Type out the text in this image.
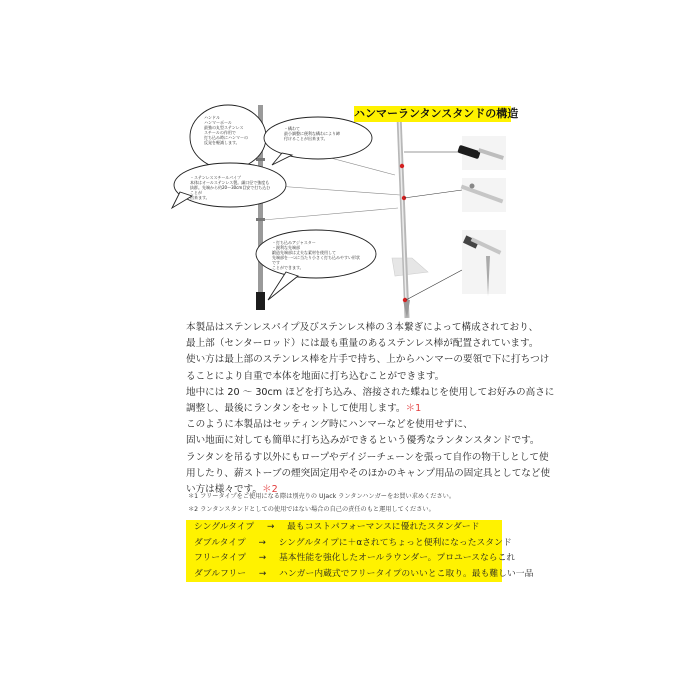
ハンマーランタンスタンドの構造
ハンドル
ハンマーポール
最強の丸型ステンレス
スチールの作用で
打ち込み時にハンマーの
反発を軽減します。
・構わて
最小調整に便利な構わにより締
付けることが出来ます。
・ステンレススチールパイプ
本体はオールステンレス製。細口径で強度も
抜群。先端から約20～30cm目安で打ち込むことが
出来ます。
・打ち込みアジャスター
・鋭利な先端部
鍛造先端部は丈夫な素材を使用して
先端部を一つに当たり小さく打ち込みやすい形状です
ことができます。

本製品はステンレスパイプ及びステンレス棒の３本繋ぎによって構成されており、

最上部（センターロッド）には最も重量のあるステンレス棒が配置されています。

使い方は最上部のステンレス棒を片手で持ち、上からハンマーの要領で下に打ちつけ

ることにより自重で本体を地面に打ち込むことができます。

地中には 20 ～ 30cm ほどを打ち込み、溶接された蝶ねじを使用してお好みの高さに

調整し、最後にランタンをセットして使用します。＊1

このように本製品はセッティング時にハンマーなどを使用せずに、

固い地面に対しても簡単に打ち込みができるという優秀なランタンスタンドです。

ランタンを吊るす以外にもロープやデイジーチェーンを張って自作の物干しとして使

用したり、薪ストーブの煙突固定用やそのほかのキャンプ用品の固定具としてなど使

い方は様々です。＊2

＊1 フリータイプをご使用になる際は別売りの UJack ランタンハンガーをお買い求めください。

＊2 ランタンスタンドとしての使用ではない場合の自己の責任のもと運用してください。

シングルタイプ → 最もコストパフォーマンスに優れたスタンダード

ダブルタイプ → シングルタイプに＋αされてちょっと便利になったスタンド

フリータイプ → 基本性能を強化したオールラウンダー。プロユースならこれ

ダブルフリー → ハンガー内蔵式でフリータイプのいいとこ取り。最も難しい一品
